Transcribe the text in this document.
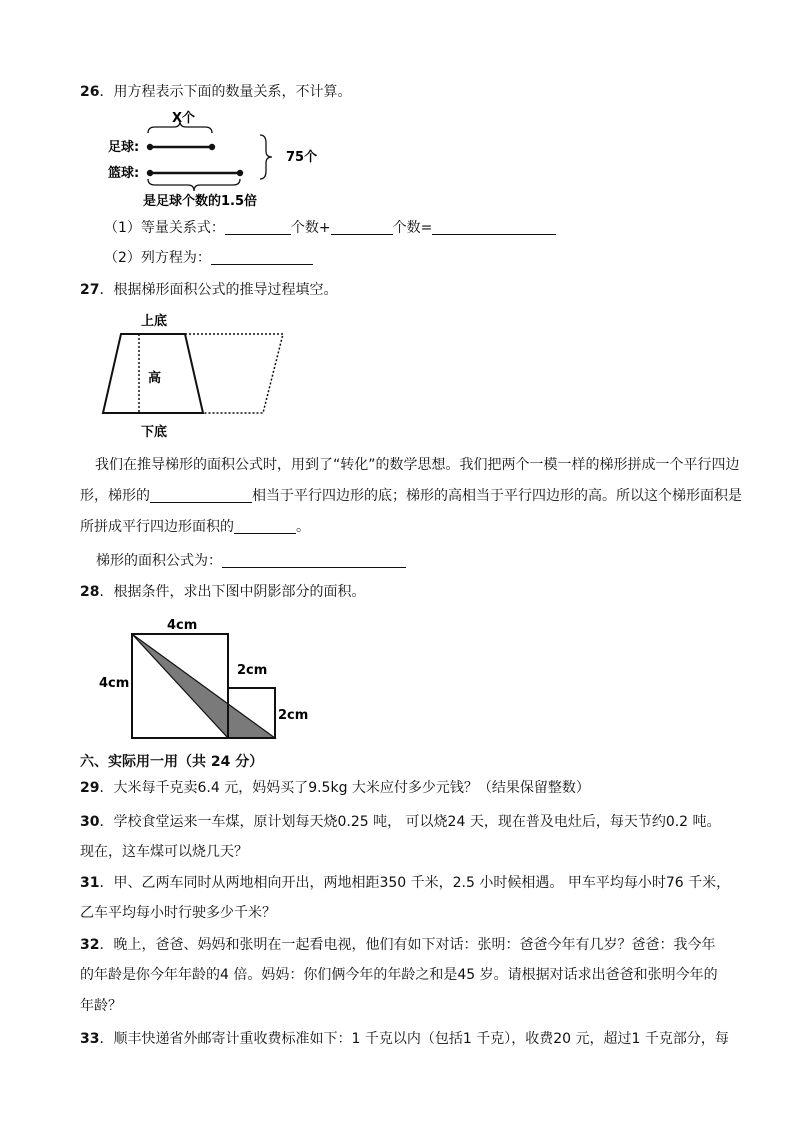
26．用方程表示下面的数量关系，不计算。
X个
足球:
篮球:
75个
是足球个数的1.5倍
（1）等量关系式：	个数+	个数=
（2）列方程为：
27．根据梯形面积公式的推导过程填空。
上底
高
下底
我们在推导梯形的面积公式时，用到了“转化”的数学思想。我们把两个一模一样的梯形拼成一个平行四边形，梯形的	相当于平行四边形的底；梯形的高相当于平行四边形的高。所以这个梯形面积是所拼成平行四边形面积的	。
梯形的面积公式为：
28．根据条件，求出下图中阴影部分的面积。
4cm
4cm
2cm
2cm
六、实际用一用（共 24 分）
29．大米每千克卖6.4 元，妈妈买了9.5kg 大米应付多少元钱？（结果保留整数）
30．学校食堂运来一车煤，原计划每天烧0.25 吨， 可以烧24 天，现在普及电灶后，每天节约0.2 吨。
现在，这车煤可以烧几天？
31．甲、乙两车同时从两地相向开出，两地相距350 千米，2.5 小时候相遇。 甲车平均每小时76 千米，
乙车平均每小时行驶多少千米？
32．晚上，爸爸、妈妈和张明在一起看电视，他们有如下对话：张明：爸爸今年有几岁？爸爸：我今年
的年龄是你今年年龄的4 倍。妈妈：你们俩今年的年龄之和是45 岁。请根据对话求出爸爸和张明今年的
年龄？
33．顺丰快递省外邮寄计重收费标准如下：1 千克以内（包括1 千克），收费20 元，超过1 千克部分，每
